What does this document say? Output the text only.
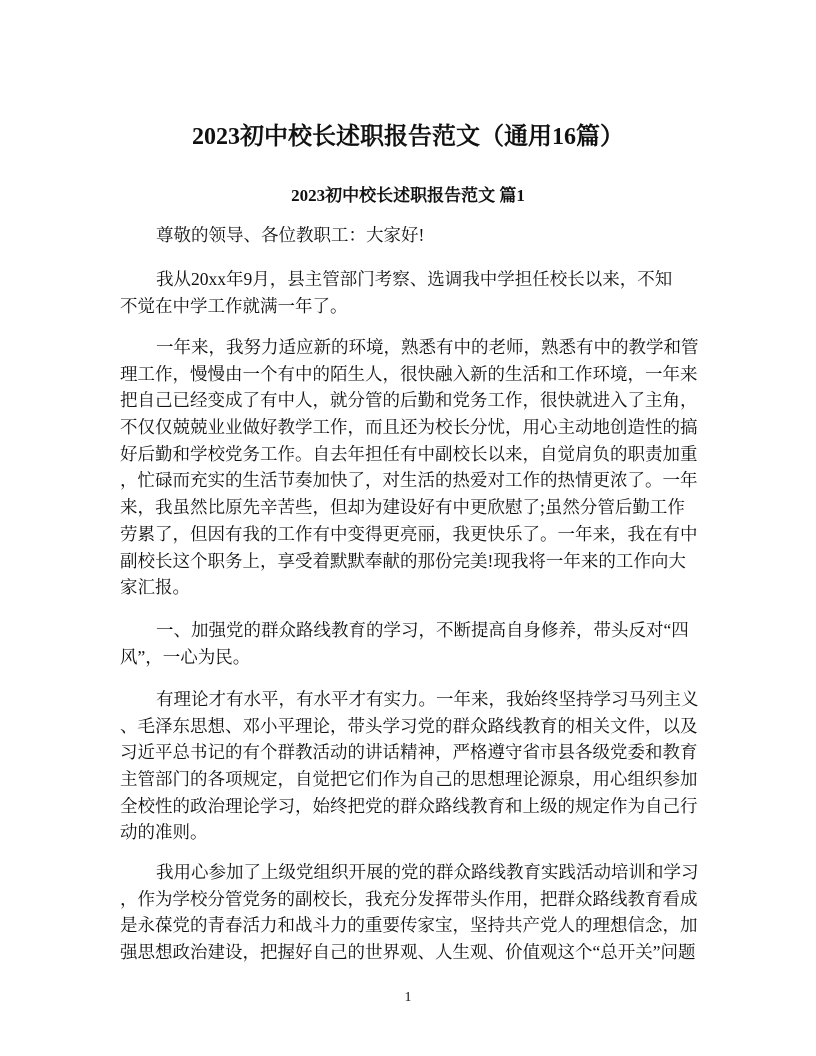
2023初中校长述职报告范文（通用16篇）
2023初中校长述职报告范文 篇1
尊敬的领导、各位教职工：大家好!
我从20xx年9月，县主管部门考察、选调我中学担任校长以来，不知
不觉在中学工作就满一年了。
一年来，我努力适应新的环境，熟悉有中的老师，熟悉有中的教学和管
理工作，慢慢由一个有中的陌生人，很快融入新的生活和工作环境，一年来
把自己已经变成了有中人，就分管的后勤和党务工作，很快就进入了主角，
不仅仅兢兢业业做好教学工作，而且还为校长分忧，用心主动地创造性的搞
好后勤和学校党务工作。自去年担任有中副校长以来，自觉肩负的职责加重
，忙碌而充实的生活节奏加快了，对生活的热爱对工作的热情更浓了。一年
来，我虽然比原先辛苦些，但却为建设好有中更欣慰了;虽然分管后勤工作
劳累了，但因有我的工作有中变得更亮丽，我更快乐了。一年来，我在有中
副校长这个职务上，享受着默默奉献的那份完美!现我将一年来的工作向大
家汇报。
一、加强党的群众路线教育的学习，不断提高自身修养，带头反对“四
风”，一心为民。
有理论才有水平，有水平才有实力。一年来，我始终坚持学习马列主义
、毛泽东思想、邓小平理论，带头学习党的群众路线教育的相关文件，以及
习近平总书记的有个群教活动的讲话精神，严格遵守省市县各级党委和教育
主管部门的各项规定，自觉把它们作为自己的思想理论源泉，用心组织参加
全校性的政治理论学习，始终把党的群众路线教育和上级的规定作为自己行
动的准则。
我用心参加了上级党组织开展的党的群众路线教育实践活动培训和学习
，作为学校分管党务的副校长，我充分发挥带头作用，把群众路线教育看成
是永葆党的青春活力和战斗力的重要传家宝，坚持共产党人的理想信念，加
强思想政治建设，把握好自己的世界观、人生观、价值观这个“总开关”问题
1
